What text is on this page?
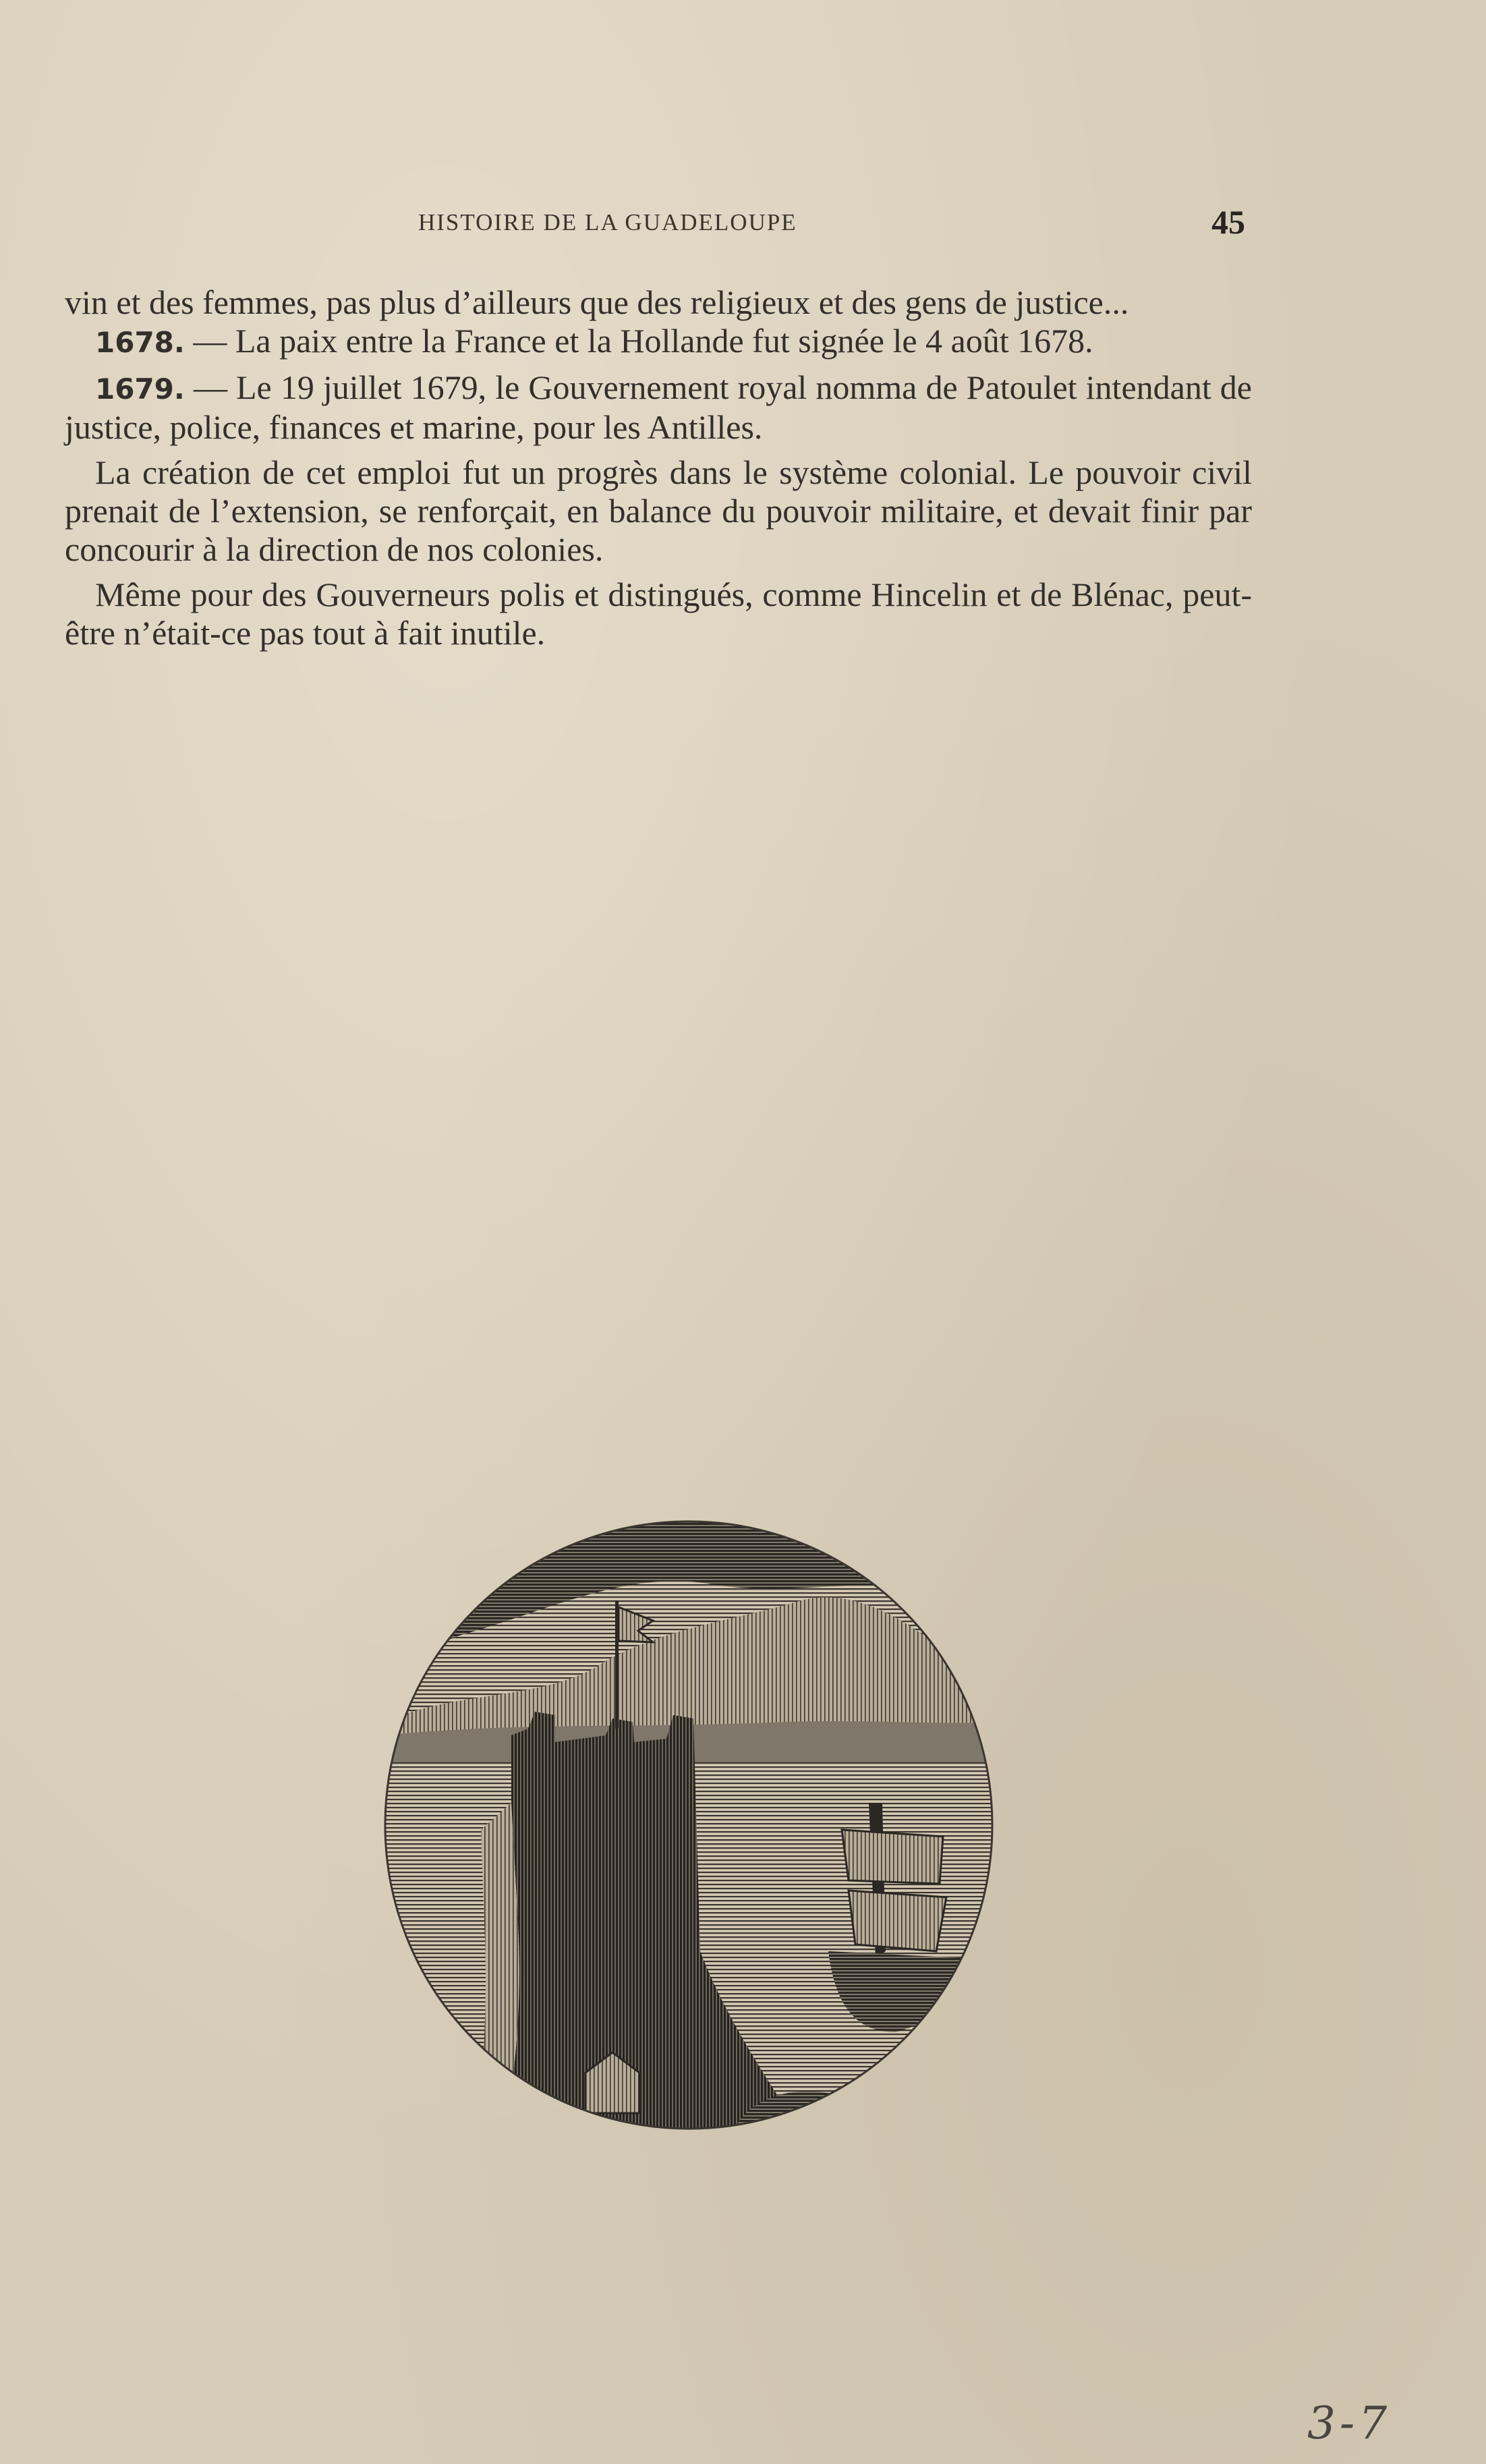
HISTOIRE DE LA GUADELOUPE	45

vin et des femmes, pas plus d’ailleurs que des religieux et des gens de justice...

1678. — La paix entre la France et la Hollande fut signée le 4 août 1678.

1679. — Le 19 juillet 1679, le Gouvernement royal nomma de Patoulet intendant de justice, police, finances et marine, pour les Antilles.

La création de cet emploi fut un progrès dans le système colonial. Le pouvoir civil prenait de l’extension, se renforçait, en balance du pouvoir militaire, et devait finir par concourir à la direction de nos colonies.

Même pour des Gouverneurs polis et distingués, comme Hincelin et de Blénac, peut-être n’était-ce pas tout à fait inutile.

3-7
